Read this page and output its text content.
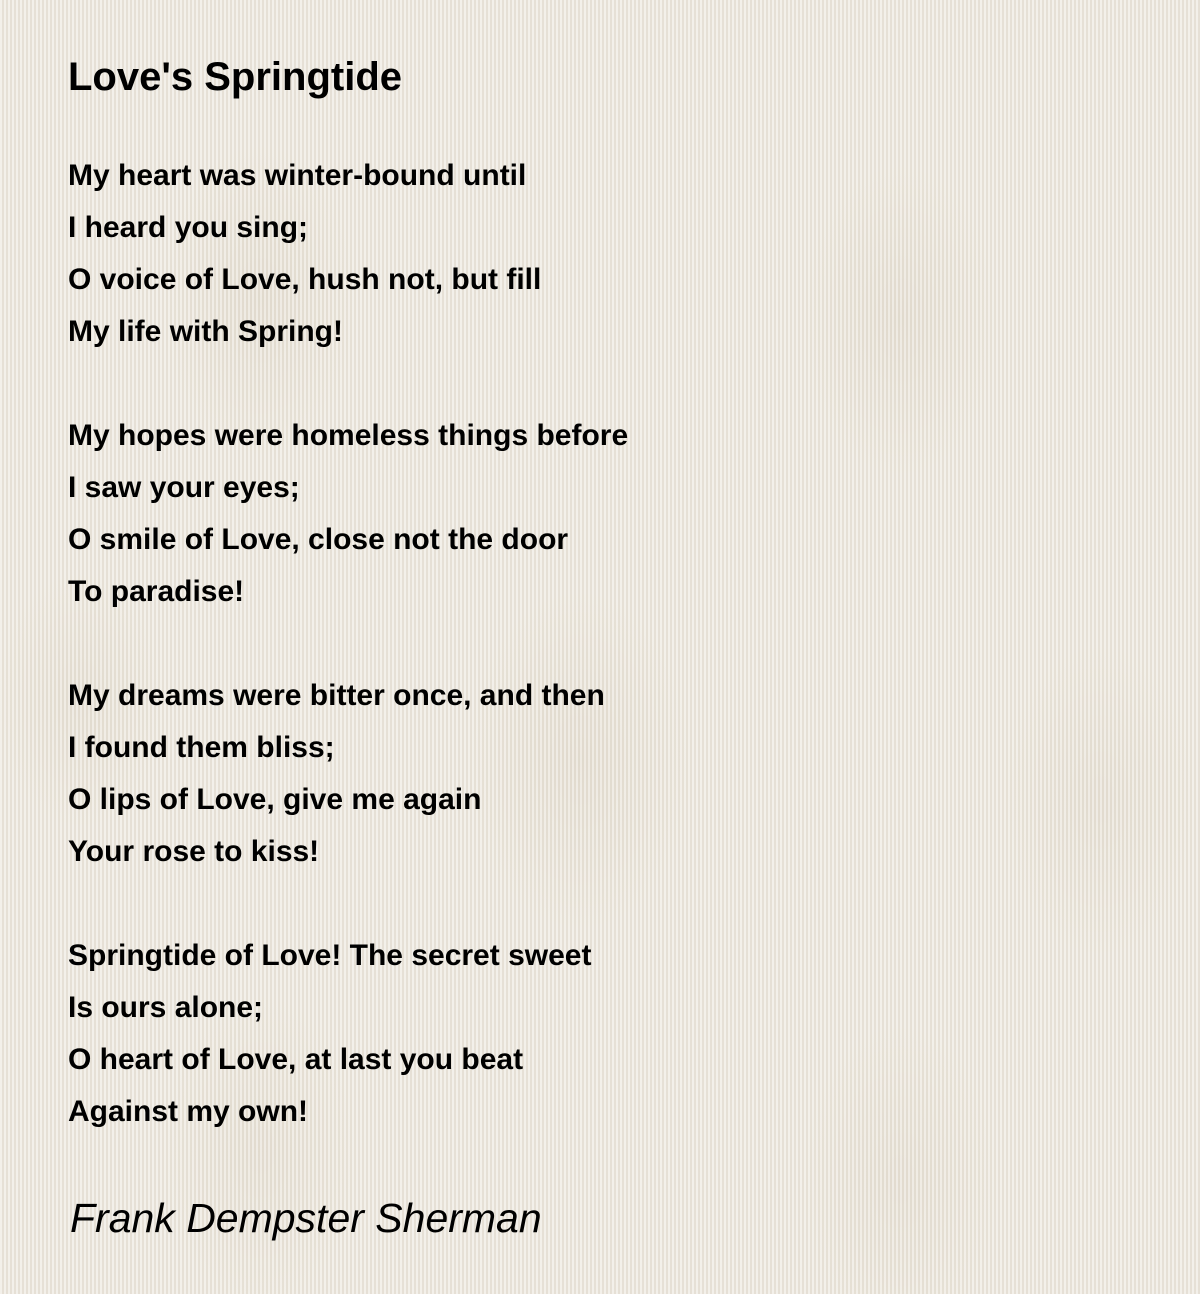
Love's Springtide
My heart was winter-bound until
I heard you sing;
O voice of Love, hush not, but fill
My life with Spring!
My hopes were homeless things before
I saw your eyes;
O smile of Love, close not the door
To paradise!
My dreams were bitter once, and then
I found them bliss;
O lips of Love, give me again
Your rose to kiss!
Springtide of Love! The secret sweet
Is ours alone;
O heart of Love, at last you beat
Against my own!
Frank Dempster Sherman
